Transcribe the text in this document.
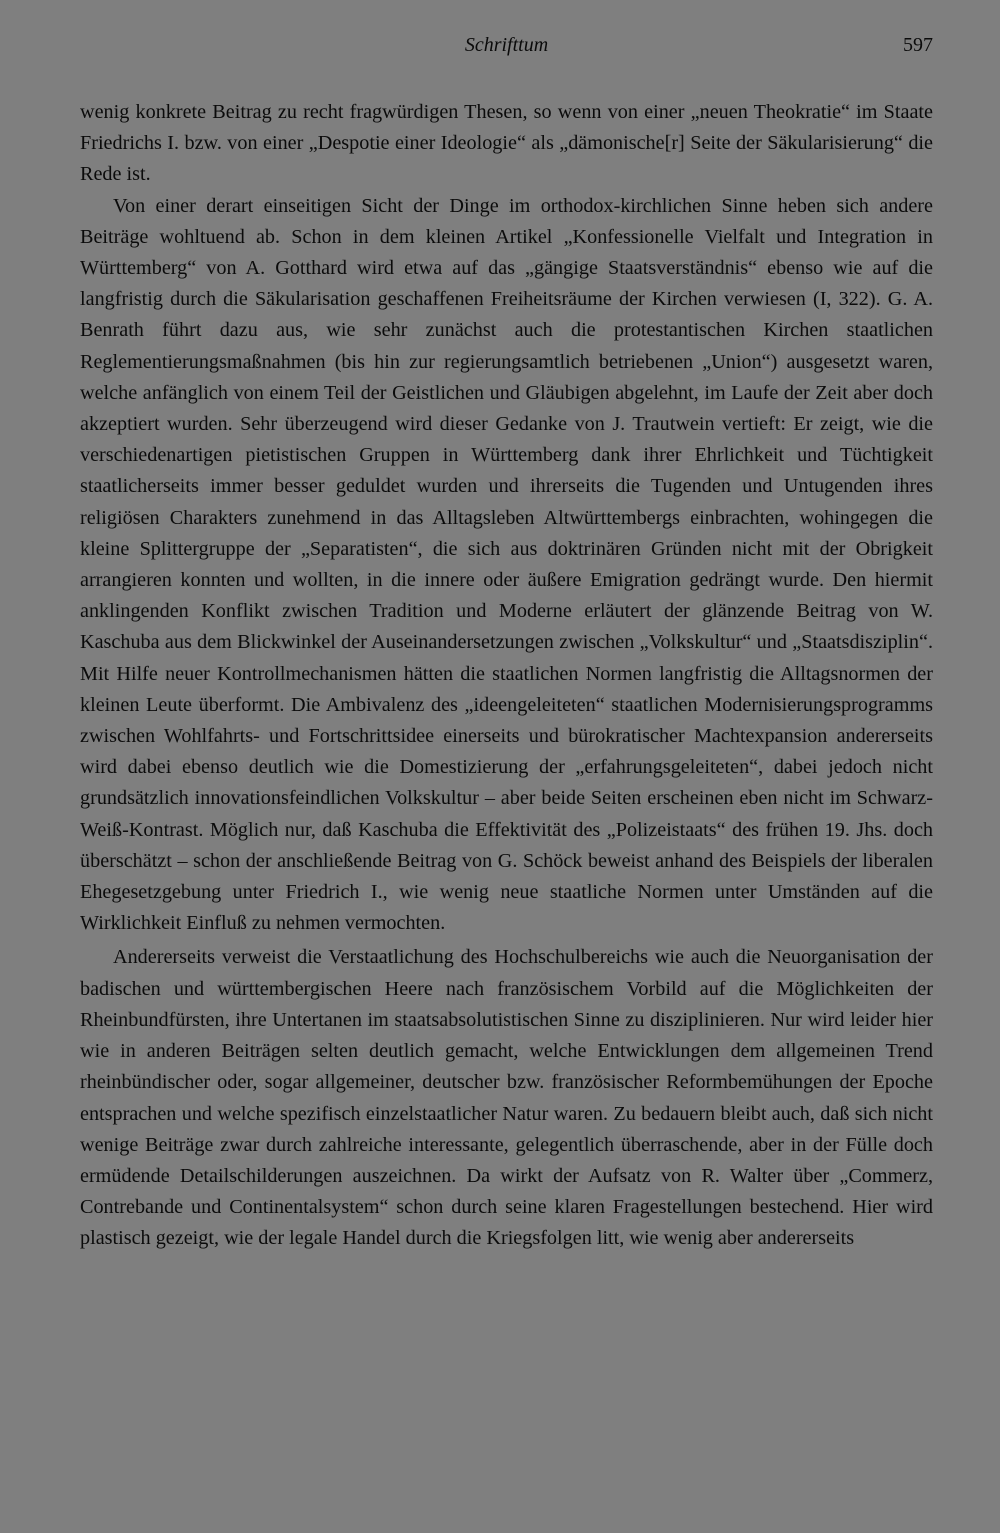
Schrifttum	597

wenig konkrete Beitrag zu recht fragwürdigen Thesen, so wenn von einer „neuen Theokratie“ im Staate Friedrichs I. bzw. von einer „Despotie einer Ideologie“ als „dämonische[r] Seite der Säkularisierung“ die Rede ist.

Von einer derart einseitigen Sicht der Dinge im orthodox-kirchlichen Sinne heben sich andere Beiträge wohltuend ab. Schon in dem kleinen Artikel „Konfessionelle Vielfalt und Integration in Württemberg“ von A. Gotthard wird etwa auf das „gängige Staatsverständnis“ ebenso wie auf die langfristig durch die Säkularisation geschaffenen Freiheitsräume der Kirchen verwiesen (I, 322). G. A. Benrath führt dazu aus, wie sehr zunächst auch die protestantischen Kirchen staatlichen Reglementierungsmaßnahmen (bis hin zur regierungsamtlich betriebenen „Union“) ausgesetzt waren, welche anfänglich von einem Teil der Geistlichen und Gläubigen abgelehnt, im Laufe der Zeit aber doch akzeptiert wurden. Sehr überzeugend wird dieser Gedanke von J. Trautwein vertieft: Er zeigt, wie die verschiedenartigen pietistischen Gruppen in Württemberg dank ihrer Ehrlichkeit und Tüchtigkeit staatlicherseits immer besser geduldet wurden und ihrerseits die Tugenden und Untugenden ihres religiösen Charakters zunehmend in das Alltagsleben Altwürttembergs einbrachten, wohingegen die kleine Splittergruppe der „Separatisten“, die sich aus doktrinären Gründen nicht mit der Obrigkeit arrangieren konnten und wollten, in die innere oder äußere Emigration gedrängt wurde. Den hiermit anklingenden Konflikt zwischen Tradition und Moderne erläutert der glänzende Beitrag von W. Kaschuba aus dem Blickwinkel der Auseinandersetzungen zwischen „Volkskultur“ und „Staatsdisziplin“. Mit Hilfe neuer Kontrollmechanismen hätten die staatlichen Normen langfristig die Alltagsnormen der kleinen Leute überformt. Die Ambivalenz des „ideengeleiteten“ staatlichen Modernisierungsprogramms zwischen Wohlfahrts- und Fortschrittsidee einerseits und bürokratischer Machtexpansion andererseits wird dabei ebenso deutlich wie die Domestizierung der „erfahrungsgeleiteten“, dabei jedoch nicht grundsätzlich innovationsfeindlichen Volkskultur – aber beide Seiten erscheinen eben nicht im Schwarz-Weiß-Kontrast. Möglich nur, daß Kaschuba die Effektivität des „Polizeistaats“ des frühen 19. Jhs. doch überschätzt – schon der anschließende Beitrag von G. Schöck beweist anhand des Beispiels der liberalen Ehegesetzgebung unter Friedrich I., wie wenig neue staatliche Normen unter Umständen auf die Wirklichkeit Einfluß zu nehmen vermochten.

Andererseits verweist die Verstaatlichung des Hochschulbereichs wie auch die Neuorganisation der badischen und württembergischen Heere nach französischem Vorbild auf die Möglichkeiten der Rheinbundfürsten, ihre Untertanen im staatsabsolutistischen Sinne zu disziplinieren. Nur wird leider hier wie in anderen Beiträgen selten deutlich gemacht, welche Entwicklungen dem allgemeinen Trend rheinbündischer oder, sogar allgemeiner, deutscher bzw. französischer Reformbemühungen der Epoche entsprachen und welche spezifisch einzelstaatlicher Natur waren. Zu bedauern bleibt auch, daß sich nicht wenige Beiträge zwar durch zahlreiche interessante, gelegentlich überraschende, aber in der Fülle doch ermüdende Detailschilderungen auszeichnen. Da wirkt der Aufsatz von R. Walter über „Commerz, Contrebande und Continentalsystem“ schon durch seine klaren Fragestellungen bestechend. Hier wird plastisch gezeigt, wie der legale Handel durch die Kriegsfolgen litt, wie wenig aber andererseits
